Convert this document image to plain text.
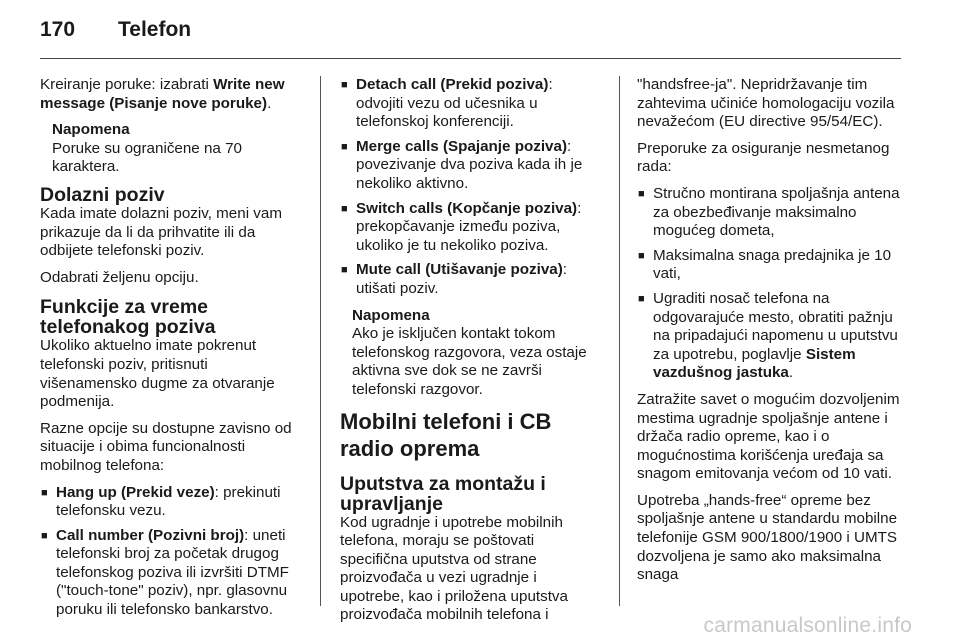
170	Telefon

Kreiranje poruke: izabrati Write new message (Pisanje nove poruke).

Napomena
Poruke su ograničene na 70 karaktera.
Dolazni poziv

Kada imate dolazni poziv, meni vam prikazuje da li da prihvatite ili da odbijete telefonski poziv.

Odabrati željenu opciju.

Funkcije za vreme telefonakog poziva

Ukoliko aktuelno imate pokrenut telefonski poziv, pritisnuti višenamensko dugme za otvaranje podmenija.

Razne opcije su dostupne zavisno od situacije i obima funcionalnosti mobilnog telefona:

■ Hang up (Prekid veze): prekinuti telefonsku vezu.
■ Call number (Pozivni broj): uneti telefonski broj za početak drugog telefonskog poziva ili izvršiti DTMF ("touch-tone" poziv), npr. glasovnu poruku ili telefonsko bankarstvo.
■ Detach call (Prekid poziva): odvojiti vezu od učesnika u telefonskoj konferenciji.
■ Merge calls (Spajanje poziva): povezivanje dva poziva kada ih je nekoliko aktivno.
■ Switch calls (Kopčanje poziva): prekopčavanje između poziva, ukoliko je tu nekoliko poziva.
■ Mute call (Utišavanje poziva): utišati poziv.
Napomena
Ako je isključen kontakt tokom telefonskog razgovora, veza ostaje aktivna sve dok se ne završi telefonski razgovor.
Mobilni telefoni i CB radio oprema
Uputstva za montažu i upravljanje

Kod ugradnje i upotrebe mobilnih telefona, moraju se poštovati specifična uputstva od strane proizvođača u vezi ugradnje i upotrebe, kao i priložena uputstva proizvođača mobilnih telefona i

"handsfree-ja". Nepridržavanje tim zahtevima učiniće homologaciju vozila nevažećom (EU directive 95/54/EC).

Preporuke za osiguranje nesmetanog rada:

■ Stručno montirana spoljašnja antena za obezbeđivanje maksimalno mogućeg dometa,
■ Maksimalna snaga predajnika je 10 vati,
■ Ugraditi nosač telefona na odgovarajuće mesto, obratiti pažnju na pripadajući napomenu u uputstvu za upotrebu, poglavlje Sistem vazdušnog jastuka.

Zatražite savet o mogućim dozvoljenim mestima ugradnje spoljašnje antene i držača radio opreme, kao i o mogućnostima korišćenja uređaja sa snagom emitovanja većom od 10 vati.

Upotreba „hands-free“ opreme bez spoljašnje antene u standardu mobilne telefonije GSM 900/1800/1900 i UMTS dozvoljena je samo ako maksimalna snaga

carmanualsonline.info
